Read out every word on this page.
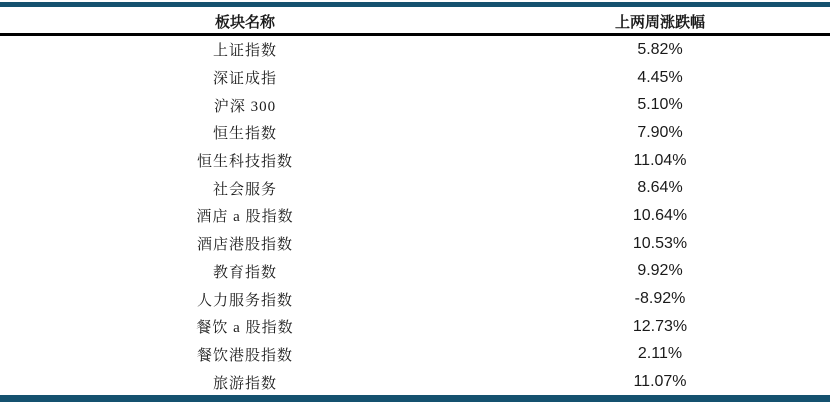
板块名称	上两周涨跌幅
上证指数	5.82%
深证成指	4.45%
沪深 300	5.10%
恒生指数	7.90%
恒生科技指数	11.04%
社会服务	8.64%
酒店 a 股指数	10.64%
酒店港股指数	10.53%
教育指数	9.92%
人力服务指数	-8.92%
餐饮 a 股指数	12.73%
餐饮港股指数	2.11%
旅游指数	11.07%
